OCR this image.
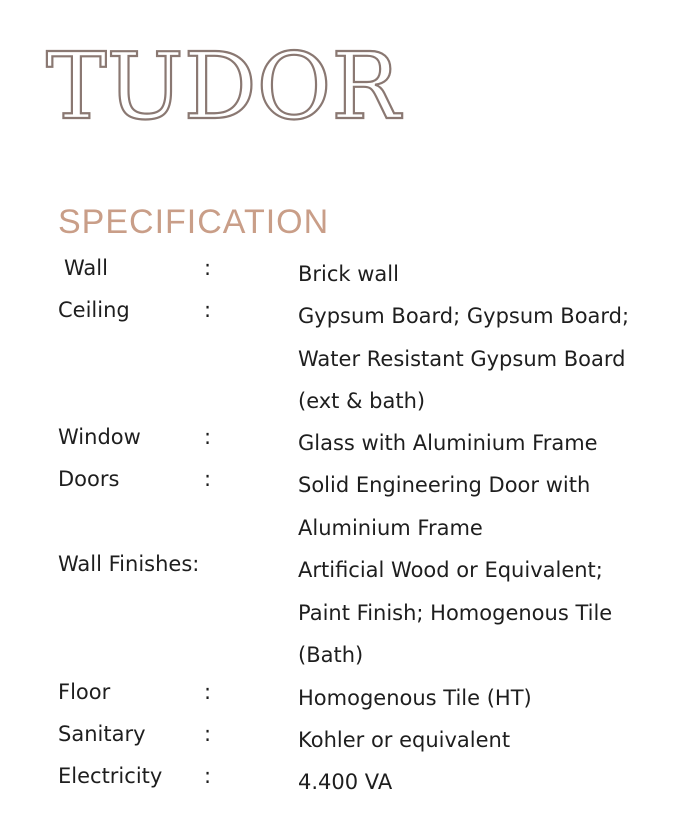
TUDOR
SPECIFICATION
Wall	:	Brick wall
Ceiling	:	Gypsum Board; Gypsum Board;
Water Resistant Gypsum Board
(ext & bath)
Window	:	Glass with Aluminium Frame
Doors	:	Solid Engineering Door with
Aluminium Frame
Wall Finishes:	Artificial Wood or Equivalent;
Paint Finish; Homogenous Tile
(Bath)
Floor	:	Homogenous Tile (HT)
Sanitary	:	Kohler or equivalent
Electricity :	4.400 VA
